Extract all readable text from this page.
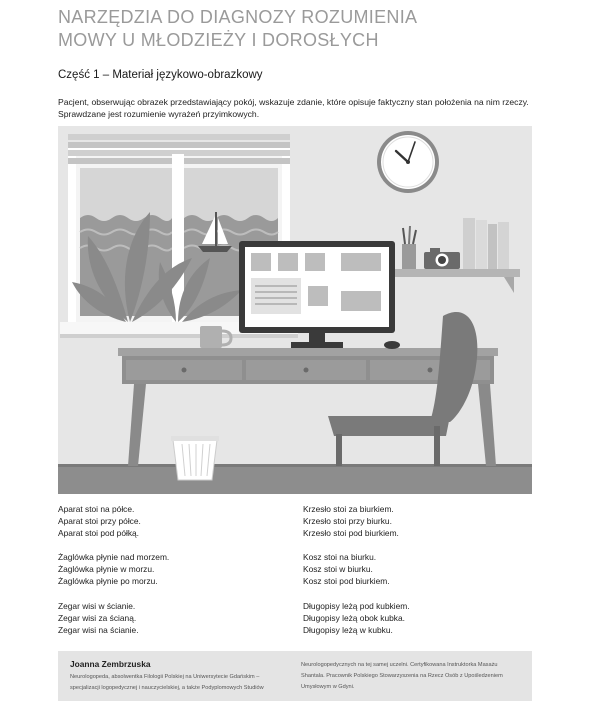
NARZĘDZIA DO DIAGNOZY ROZUMIENIA
MOWY U MŁODZIEŻY I DOROSŁYCH
Część 1 – Materiał językowo-obrazkowy
Pacjent, obserwując obrazek przedstawiający pokój, wskazuje zdanie, które opisuje faktyczny stan położenia na nim rzeczy.
Sprawdzane jest rozumienie wyrażeń przyimkowych.
Aparat stoi na półce.
Aparat stoi przy półce.
Aparat stoi pod półką.
Żaglówka płynie nad morzem.
Żaglówka płynie w morzu.
Żaglówka płynie po morzu.
Zegar wisi w ścianie.
Zegar wisi za ścianą.
Zegar wisi na ścianie.
Krzesło stoi za biurkiem.
Krzesło stoi przy biurku.
Krzesło stoi pod biurkiem.
Kosz stoi na biurku.
Kosz stoi w biurku.
Kosz stoi pod biurkiem.
Długopisy leżą pod kubkiem.
Długopisy leżą obok kubka.
Długopisy leżą w kubku.
Joanna Zembrzuska
Neurologopeda, absolwentka Filologii Polskiej na Uniwersytecie Gdańskim –
specjalizacji logopedycznej i nauczycielskiej, a także Podyplomowych Studiów
Neurologopedycznych na tej samej uczelni. Certyfikowana Instruktorka Masażu
Shantala. Pracownik Polskiego Stowarzyszenia na Rzecz Osób z Upośledzeniem
Umysłowym w Gdyni.
